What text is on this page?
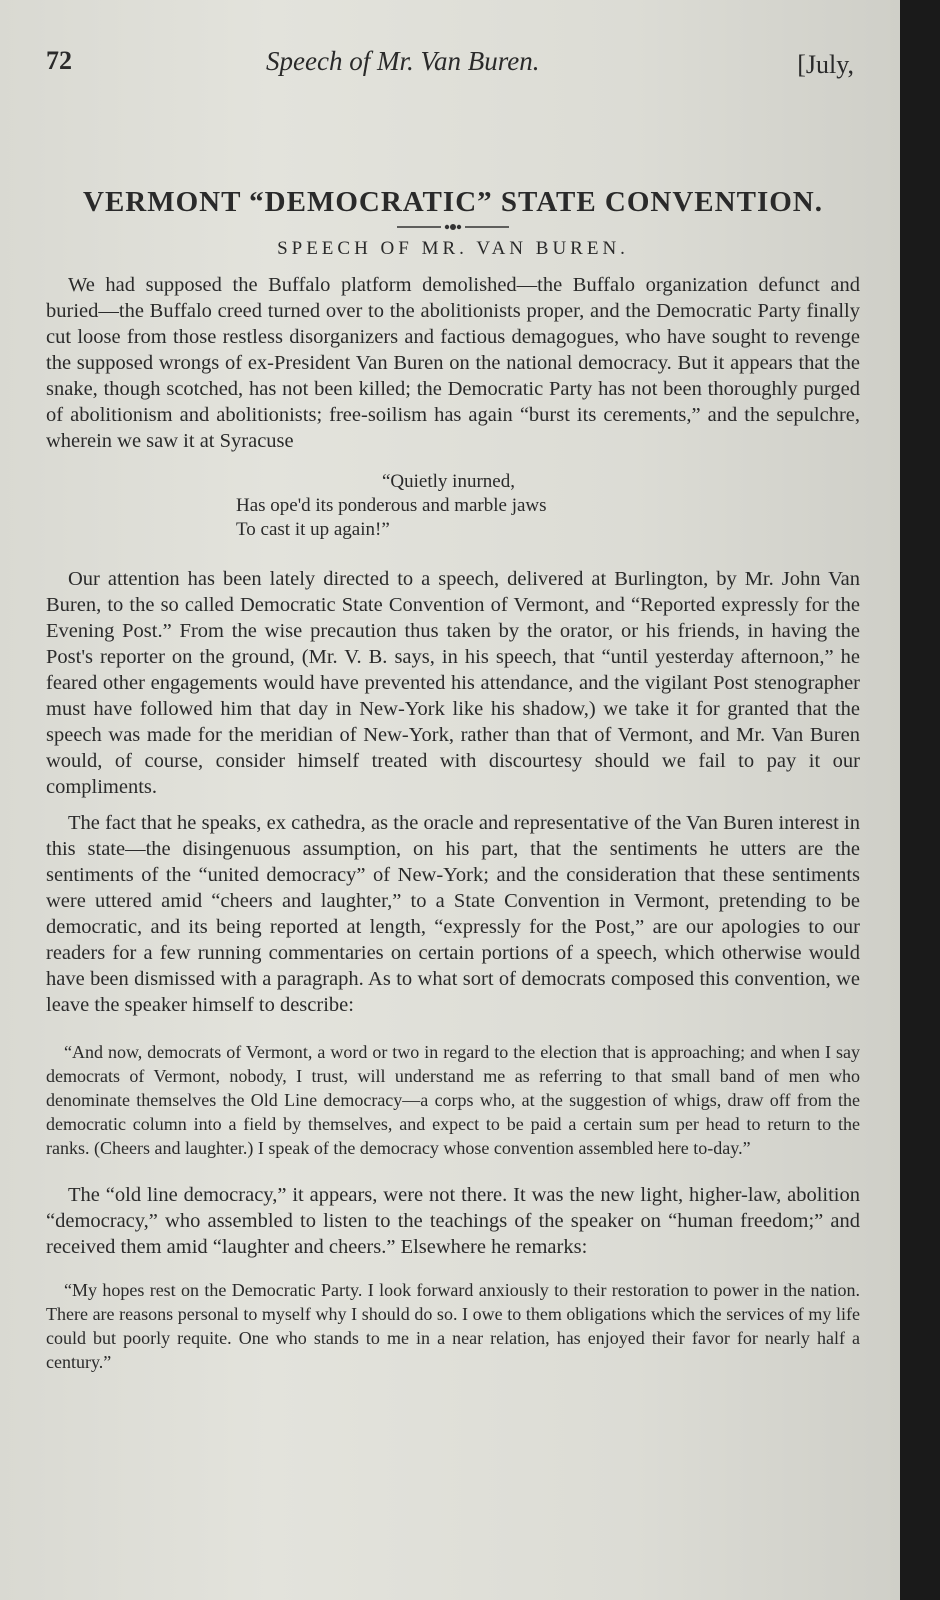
72	Speech of Mr. Van Buren.	[July,
VERMONT “DEMOCRATIC” STATE CONVENTION.
SPEECH OF MR. VAN BUREN.

We had supposed the Buffalo platform demolished—the Buffalo organization defunct and buried—the Buffalo creed turned over to the abolitionists proper, and the Democratic Party finally cut loose from those restless disorganizers and factious demagogues, who have sought to revenge the supposed wrongs of ex-President Van Buren on the national democracy. But it appears that the snake, though scotched, has not been killed; the Democratic Party has not been thoroughly purged of abolitionism and abolitionists; free-soilism has again “burst its cerements,” and the sepulchre, wherein we saw it at Syracuse

“Quietly inurned,
Has ope'd its ponderous and marble jaws
To cast it up again!”

Our attention has been lately directed to a speech, delivered at Burlington, by Mr. John Van Buren, to the so called Democratic State Convention of Vermont, and “Reported expressly for the Evening Post.” From the wise precaution thus taken by the orator, or his friends, in having the Post's reporter on the ground, (Mr. V. B. says, in his speech, that “until yesterday afternoon,” he feared other engagements would have prevented his attendance, and the vigilant Post stenographer must have followed him that day in New-York like his shadow,) we take it for granted that the speech was made for the meridian of New-York, rather than that of Vermont, and Mr. Van Buren would, of course, consider himself treated with discourtesy should we fail to pay it our compliments.

The fact that he speaks, ex cathedra, as the oracle and representative of the Van Buren interest in this state—the disingenuous assumption, on his part, that the sentiments he utters are the sentiments of the “united democracy” of New-York; and the consideration that these sentiments were uttered amid “cheers and laughter,” to a State Convention in Vermont, pretending to be democratic, and its being reported at length, “expressly for the Post,” are our apologies to our readers for a few running commentaries on certain portions of a speech, which otherwise would have been dismissed with a paragraph. As to what sort of democrats composed this convention, we leave the speaker himself to describe:

“And now, democrats of Vermont, a word or two in regard to the election that is approaching; and when I say democrats of Vermont, nobody, I trust, will understand me as referring to that small band of men who denominate themselves the Old Line democracy—a corps who, at the suggestion of whigs, draw off from the democratic column into a field by themselves, and expect to be paid a certain sum per head to return to the ranks. (Cheers and laughter.) I speak of the democracy whose convention assembled here to-day.”

The “old line democracy,” it appears, were not there. It was the new light, higher-law, abolition “democracy,” who assembled to listen to the teachings of the speaker on “human freedom;” and received them amid “laughter and cheers.” Elsewhere he remarks:

“My hopes rest on the Democratic Party. I look forward anxiously to their restoration to power in the nation. There are reasons personal to myself why I should do so. I owe to them obligations which the services of my life could but poorly requite. One who stands to me in a near relation, has enjoyed their favor for nearly half a century.”
